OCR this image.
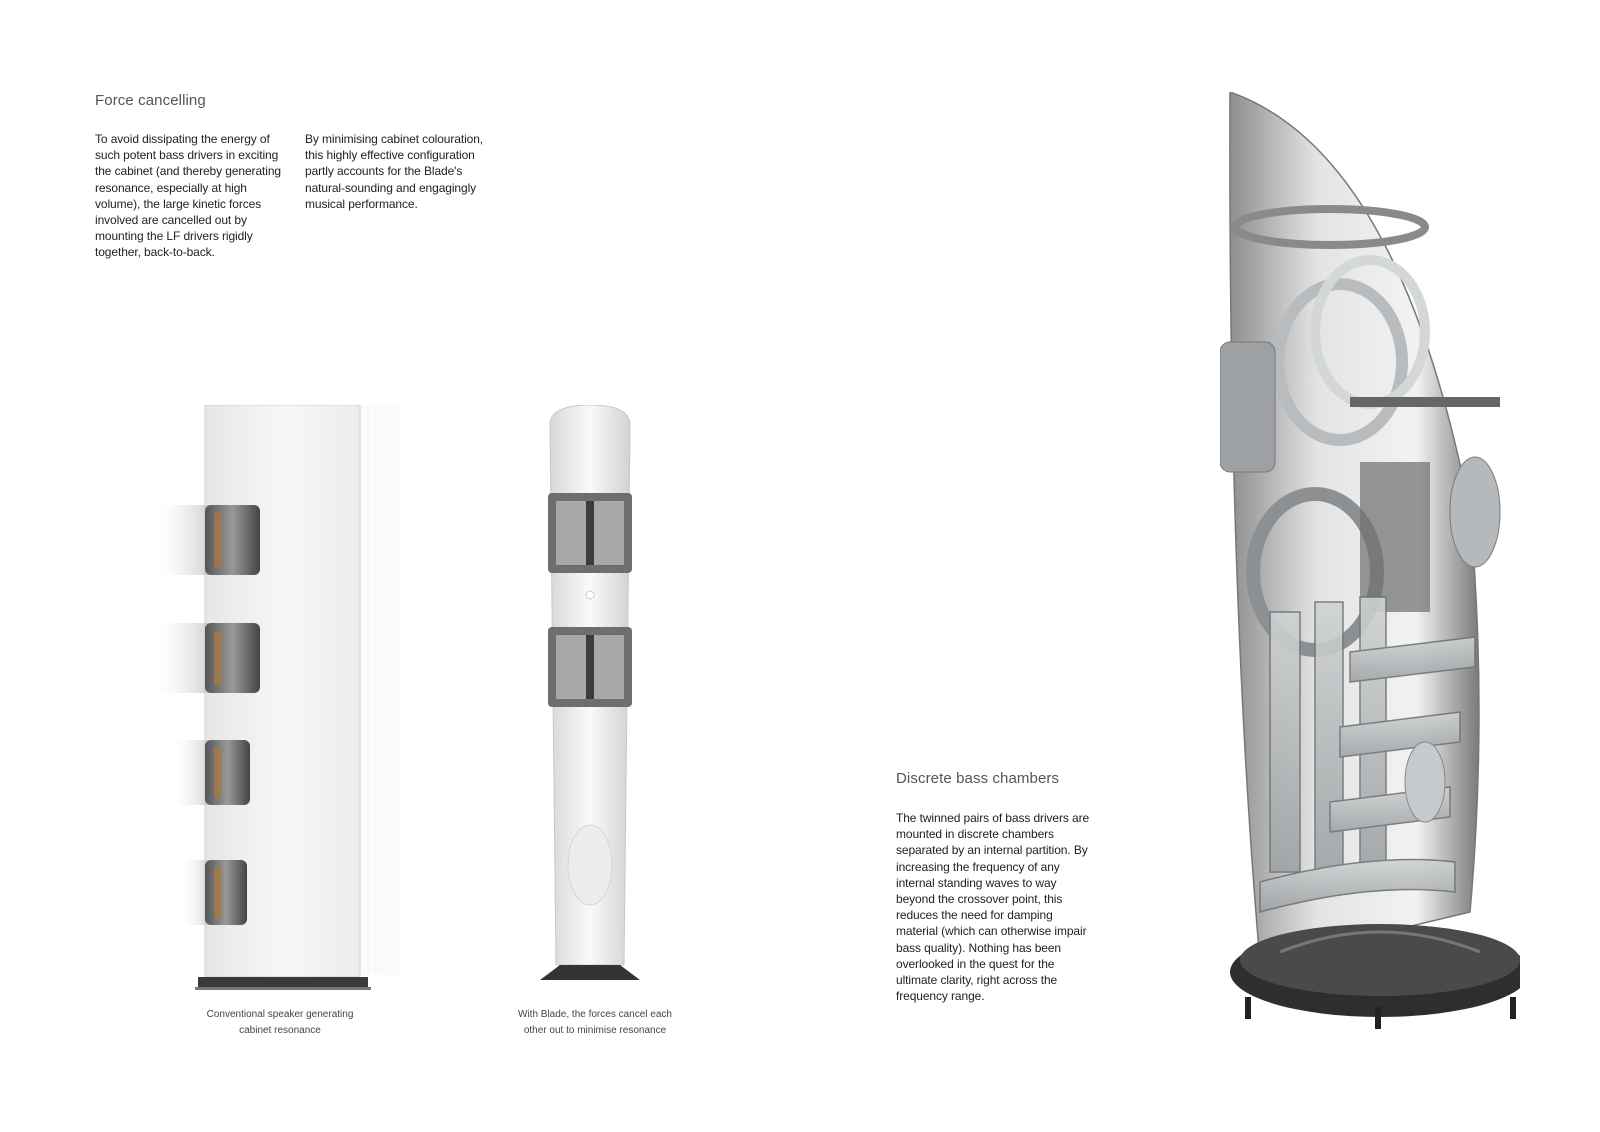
Force cancelling

To avoid dissipating the energy of such potent bass drivers in exciting the cabinet (and thereby generating resonance, especially at high volume), the large kinetic forces involved are cancelled out by mounting the LF drivers rigidly together, back-to-back.

By minimising cabinet colouration, this highly effective configuration partly accounts for the Blade's natural-sounding and engagingly musical performance.

Conventional speaker generating
cabinet resonance

With Blade, the forces cancel each
other out to minimise resonance

Discrete bass chambers

The twinned pairs of bass drivers are mounted in discrete chambers separated by an internal partition. By increasing the frequency of any internal standing waves to way beyond the crossover point, this reduces the need for damping material (which can otherwise impair bass quality). Nothing has been overlooked in the quest for the ultimate clarity, right across the frequency range.
